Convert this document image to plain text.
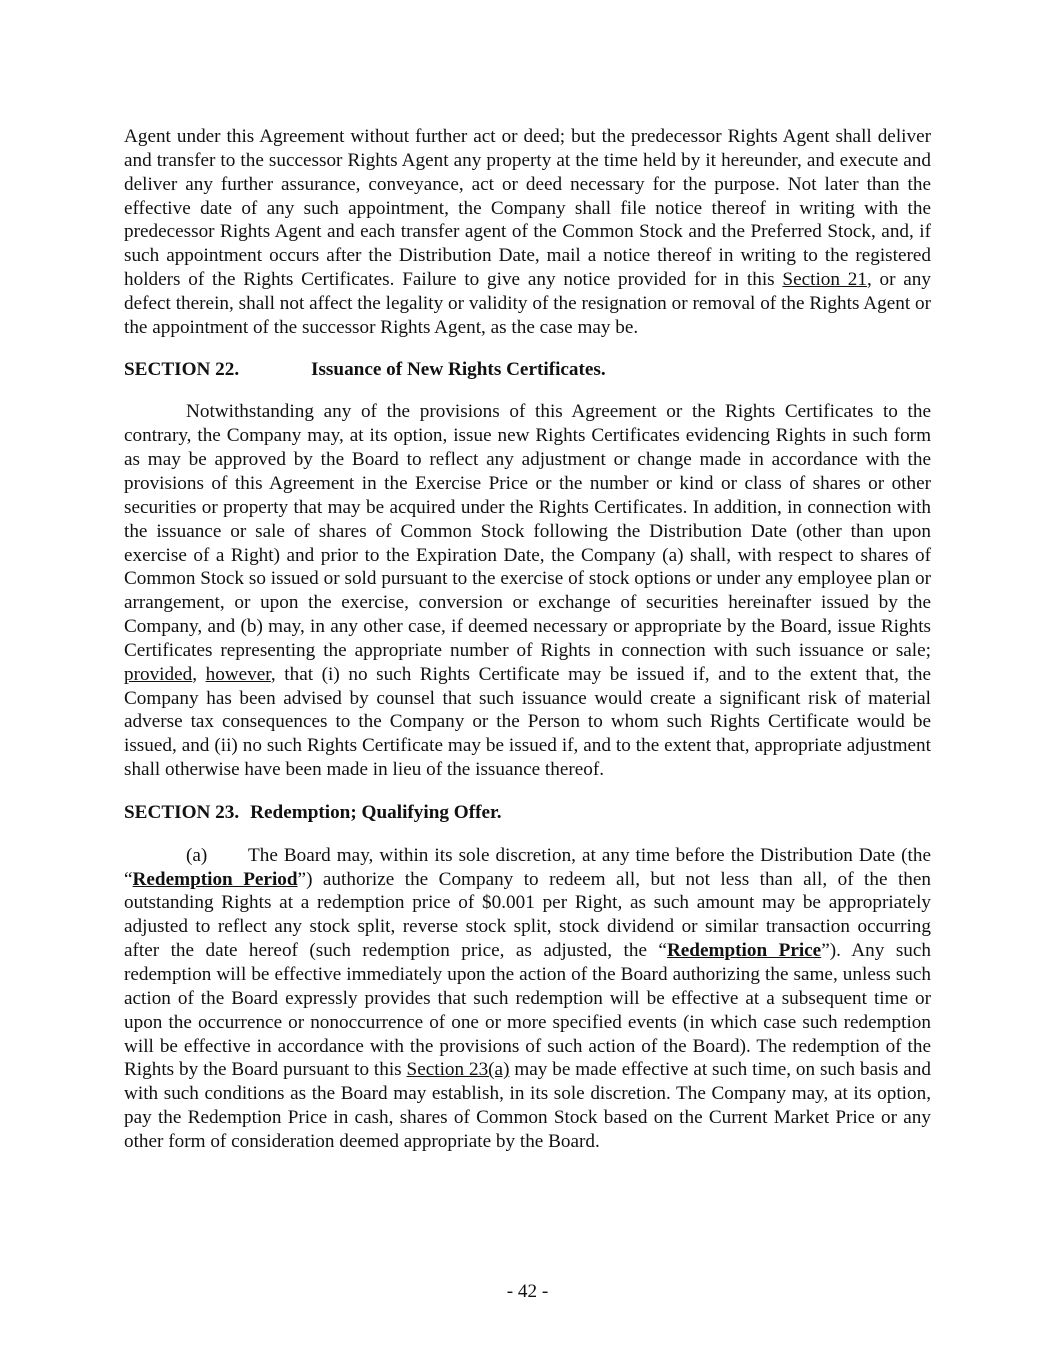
Agent under this Agreement without further act or deed; but the predecessor Rights Agent shall deliver and transfer to the successor Rights Agent any property at the time held by it hereunder, and execute and deliver any further assurance, conveyance, act or deed necessary for the purpose. Not later than the effective date of any such appointment, the Company shall file notice thereof in writing with the predecessor Rights Agent and each transfer agent of the Common Stock and the Preferred Stock, and, if such appointment occurs after the Distribution Date, mail a notice thereof in writing to the registered holders of the Rights Certificates. Failure to give any notice provided for in this Section 21, or any defect therein, shall not affect the legality or validity of the resignation or removal of the Rights Agent or the appointment of the successor Rights Agent, as the case may be.

SECTION 22.	Issuance of New Rights Certificates.

Notwithstanding any of the provisions of this Agreement or the Rights Certificates to the contrary, the Company may, at its option, issue new Rights Certificates evidencing Rights in such form as may be approved by the Board to reflect any adjustment or change made in accordance with the provisions of this Agreement in the Exercise Price or the number or kind or class of shares or other securities or property that may be acquired under the Rights Certificates. In addition, in connection with the issuance or sale of shares of Common Stock following the Distribution Date (other than upon exercise of a Right) and prior to the Expiration Date, the Company (a) shall, with respect to shares of Common Stock so issued or sold pursuant to the exercise of stock options or under any employee plan or arrangement, or upon the exercise, conversion or exchange of securities hereinafter issued by the Company, and (b) may, in any other case, if deemed necessary or appropriate by the Board, issue Rights Certificates representing the appropriate number of Rights in connection with such issuance or sale; provided, however, that (i) no such Rights Certificate may be issued if, and to the extent that, the Company has been advised by counsel that such issuance would create a significant risk of material adverse tax consequences to the Company or the Person to whom such Rights Certificate would be issued, and (ii) no such Rights Certificate may be issued if, and to the extent that, appropriate adjustment shall otherwise have been made in lieu of the issuance thereof.

SECTION 23. Redemption; Qualifying Offer.

(a) The Board may, within its sole discretion, at any time before the Distribution Date (the “Redemption Period”) authorize the Company to redeem all, but not less than all, of the then outstanding Rights at a redemption price of $0.001 per Right, as such amount may be appropriately adjusted to reflect any stock split, reverse stock split, stock dividend or similar transaction occurring after the date hereof (such redemption price, as adjusted, the “Redemption Price”). Any such redemption will be effective immediately upon the action of the Board authorizing the same, unless such action of the Board expressly provides that such redemption will be effective at a subsequent time or upon the occurrence or nonoccurrence of one or more specified events (in which case such redemption will be effective in accordance with the provisions of such action of the Board). The redemption of the Rights by the Board pursuant to this Section 23(a) may be made effective at such time, on such basis and with such conditions as the Board may establish, in its sole discretion. The Company may, at its option, pay the Redemption Price in cash, shares of Common Stock based on the Current Market Price or any other form of consideration deemed appropriate by the Board.

- 42 -
